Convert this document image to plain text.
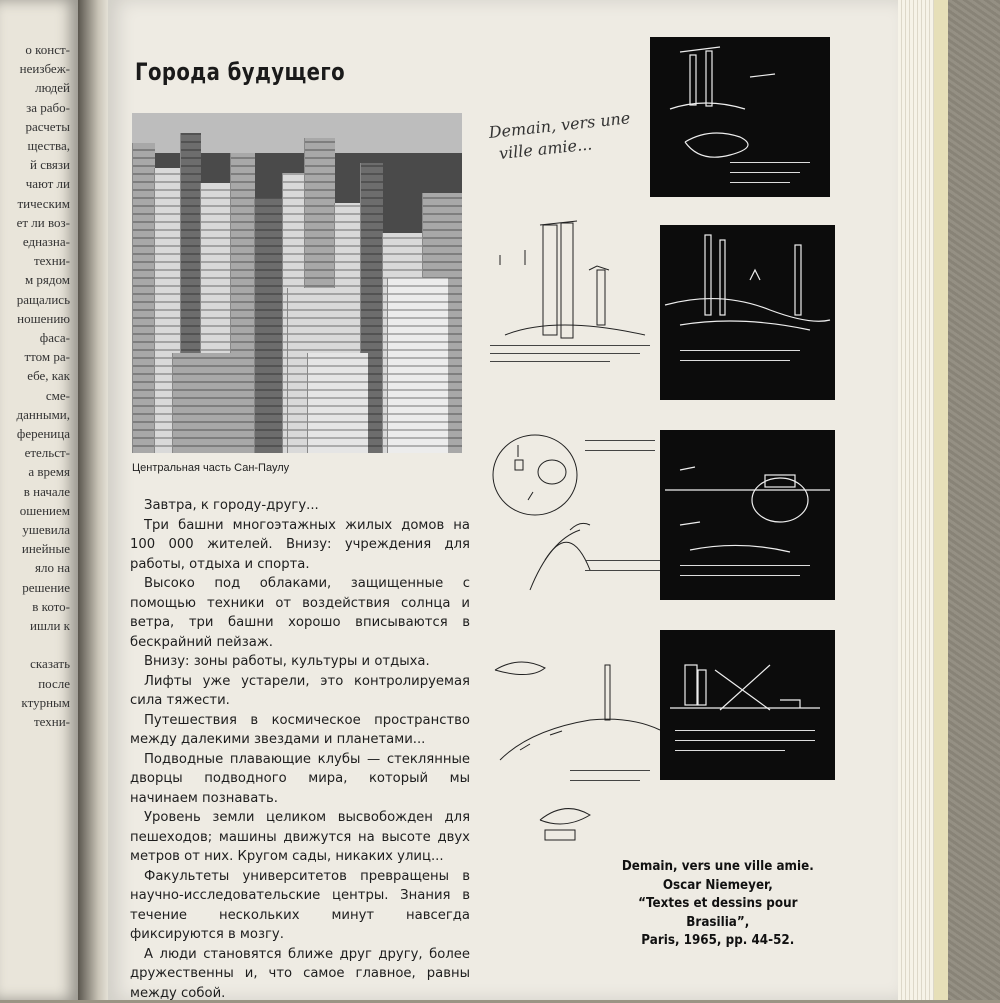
о конст-
неизбеж-
людей
за рабо-
расчеты
щества,
й связи
чают ли
тическим
ет ли воз-
едназна-
техни-
м рядом
ращались
ношению
фаса-
ттом ра-
ебе, как
сме-
данными,
ференица
етельст-
а время
в начале
ошением
ушевила
инейные
яло на
решение
в кото-
ишли к
сказать
после
ктурным
техни-
Города будущего
Центральная часть Сан-Паулу

Завтра, к городу-другу...

Три башни многоэтажных жилых домов на 100 000 жителей. Внизу: учреждения для работы, отдыха и спорта.

Высоко под облаками, защищенные с помощью техники от воздействия солнца и ветра, три башни хорошо вписываются в бескрайний пейзаж.

Внизу: зоны работы, культуры и отдыха.

Лифты уже устарели, это контролируемая сила тяжести.

Путешествия в космическое пространство между далекими звездами и планетами...

Подводные плавающие клубы — стеклянные дворцы подводного мира, который мы начинаем познавать.

Уровень земли целиком высвобожден для пешеходов; машины движутся на высоте двух метров от них. Кругом сады, никаких улиц...

Факультеты университетов превращены в научно-исследовательские центры. Знания в течение нескольких минут навсегда фиксируются в мозгу.

А люди становятся ближе друг другу, более дружественны и, что самое главное, равны между собой.

Demain, vers une
ville amie...
Demain, vers une ville amie.
Oscar Niemeyer,
“Textes et dessins pour Brasilia”,
Paris, 1965, pp. 44-52.
